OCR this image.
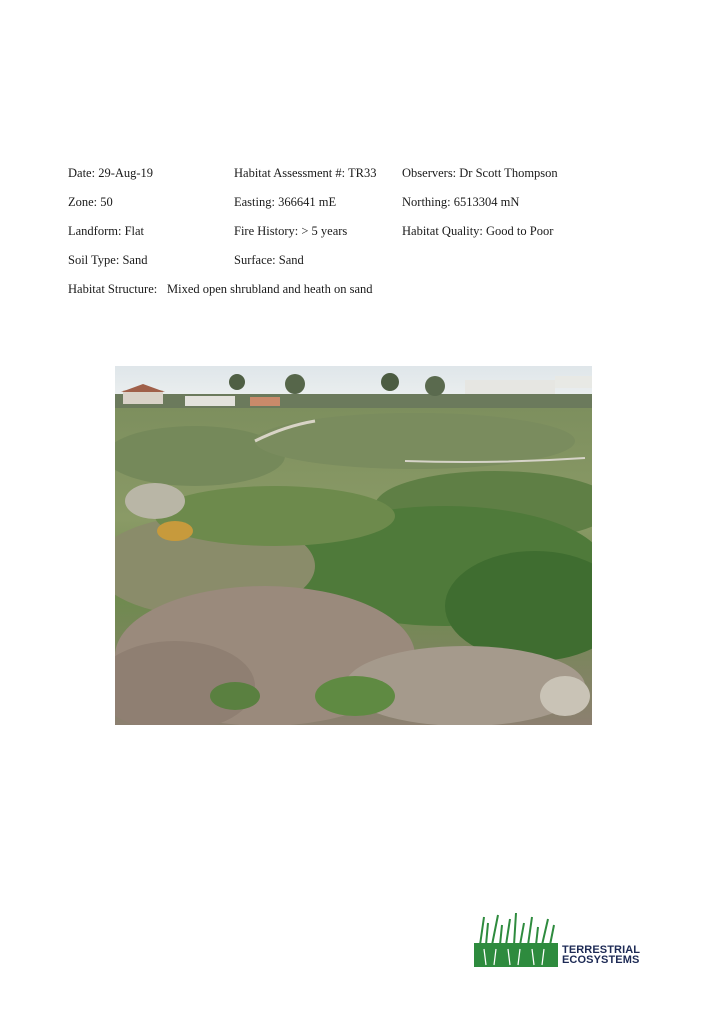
Date: 29-Aug-19	Habitat Assessment #: TR33 Observers: Dr Scott Thompson
Zone: 50	Easting: 366641 mE	Northing: 6513304 mN
Landform: Flat	Fire History: > 5 years	Habitat Quality: Good to Poor
Soil Type: Sand	Surface: Sand
Habitat Structure: Mixed open shrubland and heath on sand
TERRESTRIAL
ECOSYSTEMS
